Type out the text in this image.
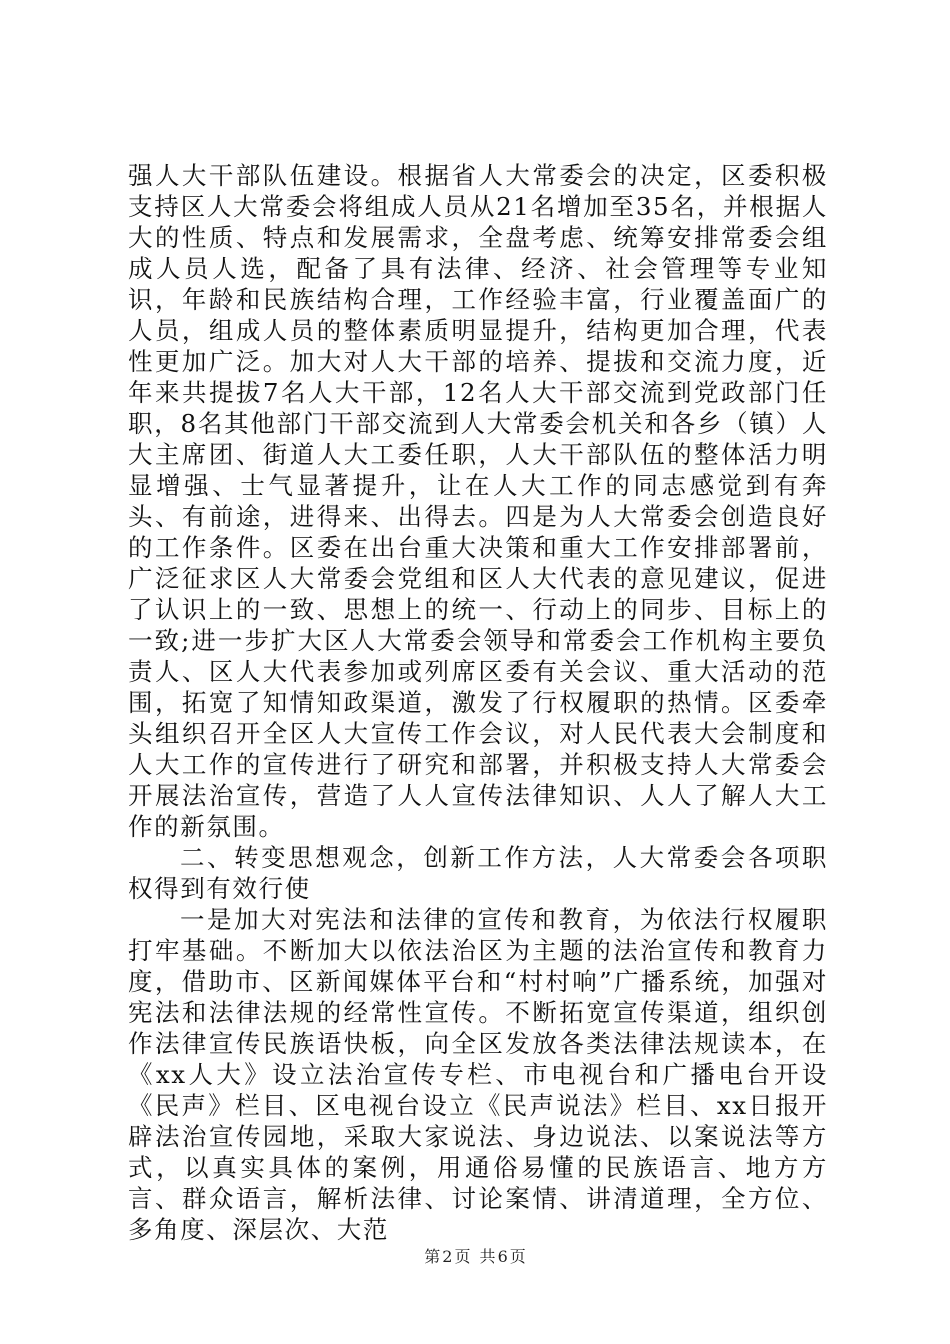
强人大干部队伍建设。根据省人大常委会的决定，区委积极支持区人大常委会将组成人员从21名增加至35名，并根据人大的性质、特点和发展需求，全盘考虑、统筹安排常委会组成人员人选，配备了具有法律、经济、社会管理等专业知识，年龄和民族结构合理，工作经验丰富，行业覆盖面广的人员，组成人员的整体素质明显提升，结构更加合理，代表性更加广泛。加大对人大干部的培养、提拔和交流力度，近年来共提拔7名人大干部，12名人大干部交流到党政部门任职，8名其他部门干部交流到人大常委会机关和各乡（镇）人大主席团、街道人大工委任职，人大干部队伍的整体活力明显增强、士气显著提升，让在人大工作的同志感觉到有奔头、有前途，进得来、出得去。四是为人大常委会创造良好的工作条件。区委在出台重大决策和重大工作安排部署前，广泛征求区人大常委会党组和区人大代表的意见建议，促进了认识上的一致、思想上的统一、行动上的同步、目标上的一致;进一步扩大区人大常委会领导和常委会工作机构主要负责人、区人大代表参加或列席区委有关会议、重大活动的范围，拓宽了知情知政渠道，激发了行权履职的热情。区委牵头组织召开全区人大宣传工作会议，对人民代表大会制度和人大工作的宣传进行了研究和部署，并积极支持人大常委会开展法治宣传，营造了人人宣传法律知识、人人了解人大工作的新氛围。

二、转变思想观念，创新工作方法，人大常委会各项职权得到有效行使

一是加大对宪法和法律的宣传和教育，为依法行权履职打牢基础。不断加大以依法治区为主题的法治宣传和教育力度，借助市、区新闻媒体平台和“村村响”广播系统，加强对宪法和法律法规的经常性宣传。不断拓宽宣传渠道，组织创作法律宣传民族语快板，向全区发放各类法律法规读本，在《xx人大》设立法治宣传专栏、市电视台和广播电台开设《民声》栏目、区电视台设立《民声说法》栏目、xx日报开辟法治宣传园地，采取大家说法、身边说法、以案说法等方式，以真实具体的案例，用通俗易懂的民族语言、地方方言、群众语言，解析法律、讨论案情、讲清道理，全方位、多角度、深层次、大范

第 2 页 共 6 页
